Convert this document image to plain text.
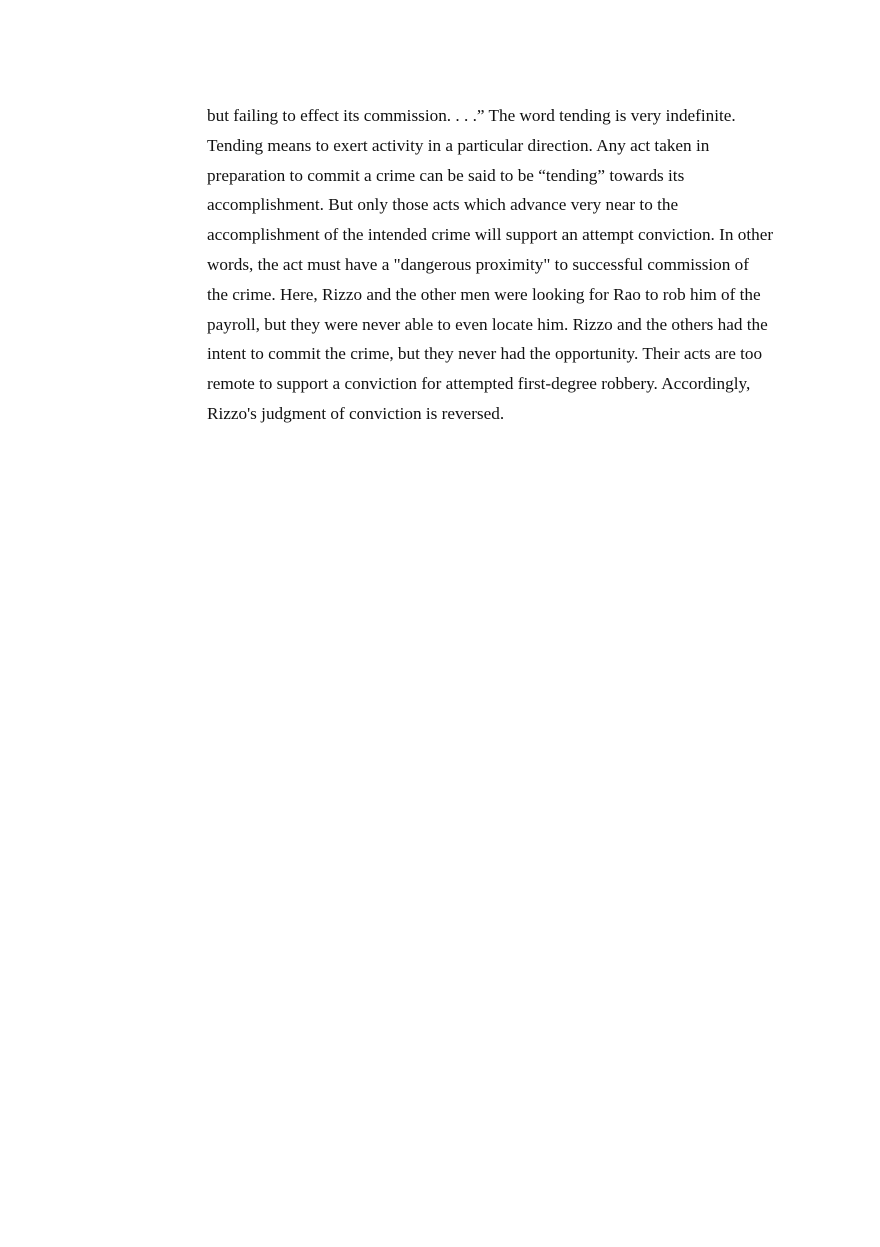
but failing to effect its commission. . . .” The word tending is very indefinite.
Tending means to exert activity in a particular direction. Any act taken in
preparation to commit a crime can be said to be “tending” towards its
accomplishment. But only those acts which advance very near to the
accomplishment of the intended crime will support an attempt conviction. In other
words, the act must have a "dangerous proximity" to successful commission of
the crime. Here, Rizzo and the other men were looking for Rao to rob him of the
payroll, but they were never able to even locate him. Rizzo and the others had the
intent to commit the crime, but they never had the opportunity. Their acts are too
remote to support a conviction for attempted first-degree robbery. Accordingly,
Rizzo's judgment of conviction is reversed.
